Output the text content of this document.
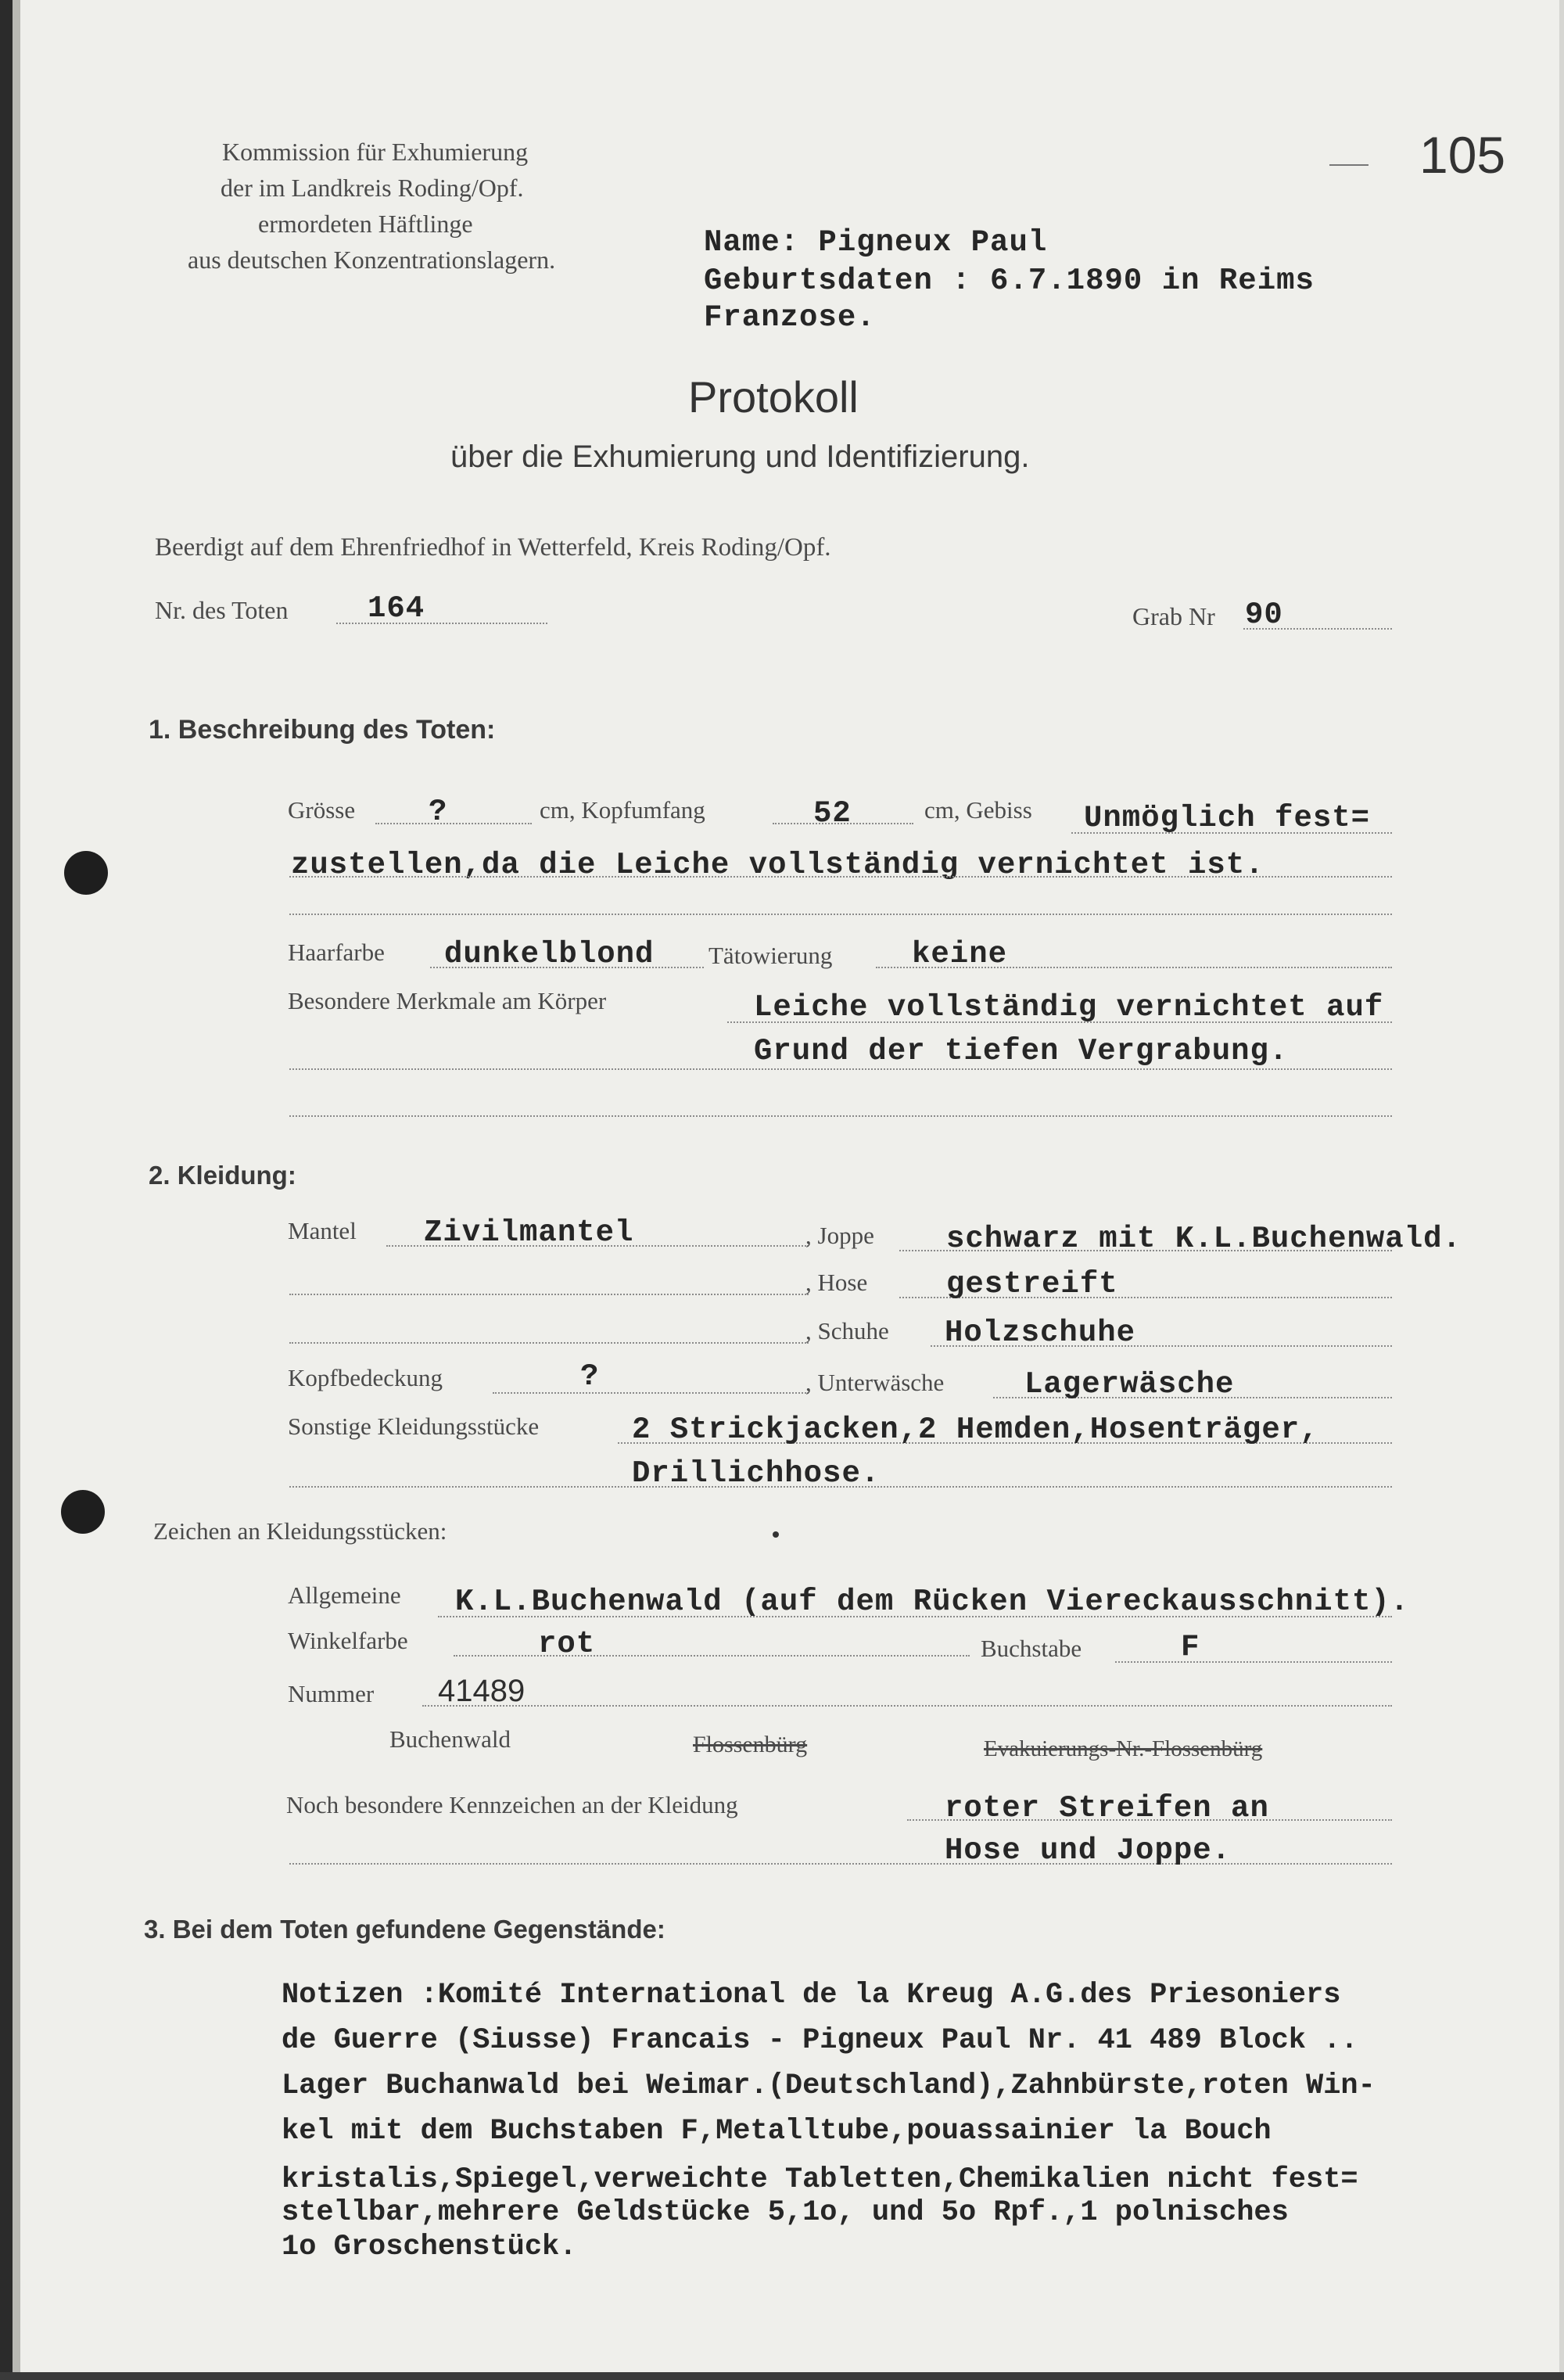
105
Kommission für Exhumierung
der im Landkreis Roding/Opf.
ermordeten Häftlinge
aus deutschen Konzentrationslagern.	Name: Pigneux Paul
Geburtsdaten : 6.7.1890 in Reims
Franzose.
Protokoll
über die Exhumierung und Identifizierung.
Beerdigt auf dem Ehrenfriedhof in Wetterfeld, Kreis Roding/Opf.
Nr. des Toten	164	Grab Nr 90
1. Beschreibung des Toten:
Grösse ?	cm, Kopfumfang	52	cm, Gebiss Unmöglich fest=
zustellen,da die Leiche vollständig vernichtet ist.
Haarfarbe dunkelblond Tätowierung	keine
Besondere Merkmale am Körper	Leiche vollständig vernichtet auf
Grund der tiefen Vergrabung.
2. Kleidung:
Mantel Zivilmantel	, Joppe schwarz mit K.L.Buchenwald.
, Hose	gestreift
, Schuhe Holzschuhe
Kopfbedeckung	?	, Unterwäsche	Lagerwäsche
Sonstige Kleidungsstücke	2 Strickjacken,2 Hemden,Hosenträger,
Drillichhose.
Zeichen an Kleidungsstücken:
Allgemeine K.L.Buchenwald (auf dem Rücken Viereckausschnitt).
Winkelfarbe	rot	Buchstabe	F
Nummer 41489
Buchenwald	Flossenbürg	Evakuierungs-Nr.-Flossenbürg
Noch besondere Kennzeichen an der Kleidung	roter Streifen an
Hose und Joppe.
3. Bei dem Toten gefundene Gegenstände:
Notizen :Komité International de la Kreug A.G.des Priesoniers
de Guerre (Siusse) Francais - Pigneux Paul Nr. 41 489 Block ..
Lager Buchanwald bei Weimar.(Deutschland),Zahnbürste,roten Win-
kel mit dem Buchstaben F,Metalltube,pouassainier la Bouch
kristalis,Spiegel,verweichte Tabletten,Chemikalien nicht fest=
stellbar,mehrere Geldstücke 5,1o, und 5o Rpf.,1 polnisches
1o Groschenstück.
